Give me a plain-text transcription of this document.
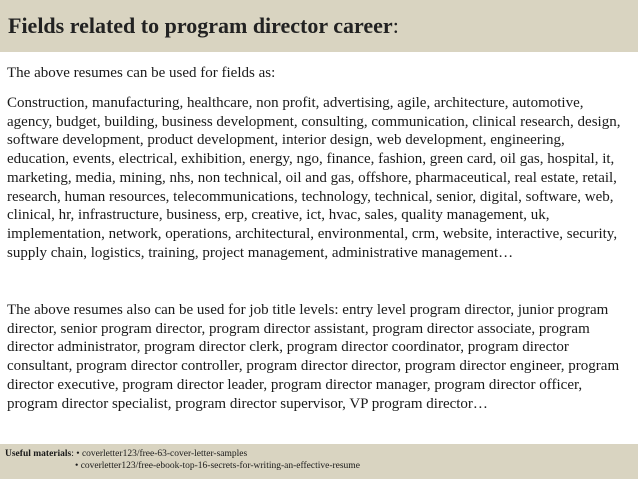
Fields related to program director career:
The above resumes can be used for fields as:
Construction, manufacturing, healthcare, non profit, advertising, agile, architecture, automotive, agency, budget, building, business development, consulting, communication, clinical research, design, software development, product development, interior design, web development, engineering, education, events, electrical, exhibition, energy, ngo, finance, fashion, green card, oil gas, hospital, it, marketing, media, mining, nhs, non technical, oil and gas, offshore, pharmaceutical, real estate, retail, research, human resources, telecommunications, technology, technical, senior, digital, software, web, clinical, hr, infrastructure, business, erp, creative, ict, hvac, sales, quality management, uk, implementation, network, operations, architectural, environmental, crm, website, interactive, security, supply chain, logistics, training, project management, administrative management…
The above resumes also can be used for job title levels: entry level program director, junior program director, senior program director, program director assistant, program director associate, program director administrator, program director clerk, program director coordinator, program director consultant, program director controller, program director director, program director engineer, program director executive, program director leader, program director manager, program director officer, program director specialist, program director supervisor, VP program director…
Useful materials: • coverletter123/free-63-cover-letter-samples
• coverletter123/free-ebook-top-16-secrets-for-writing-an-effective-resume
